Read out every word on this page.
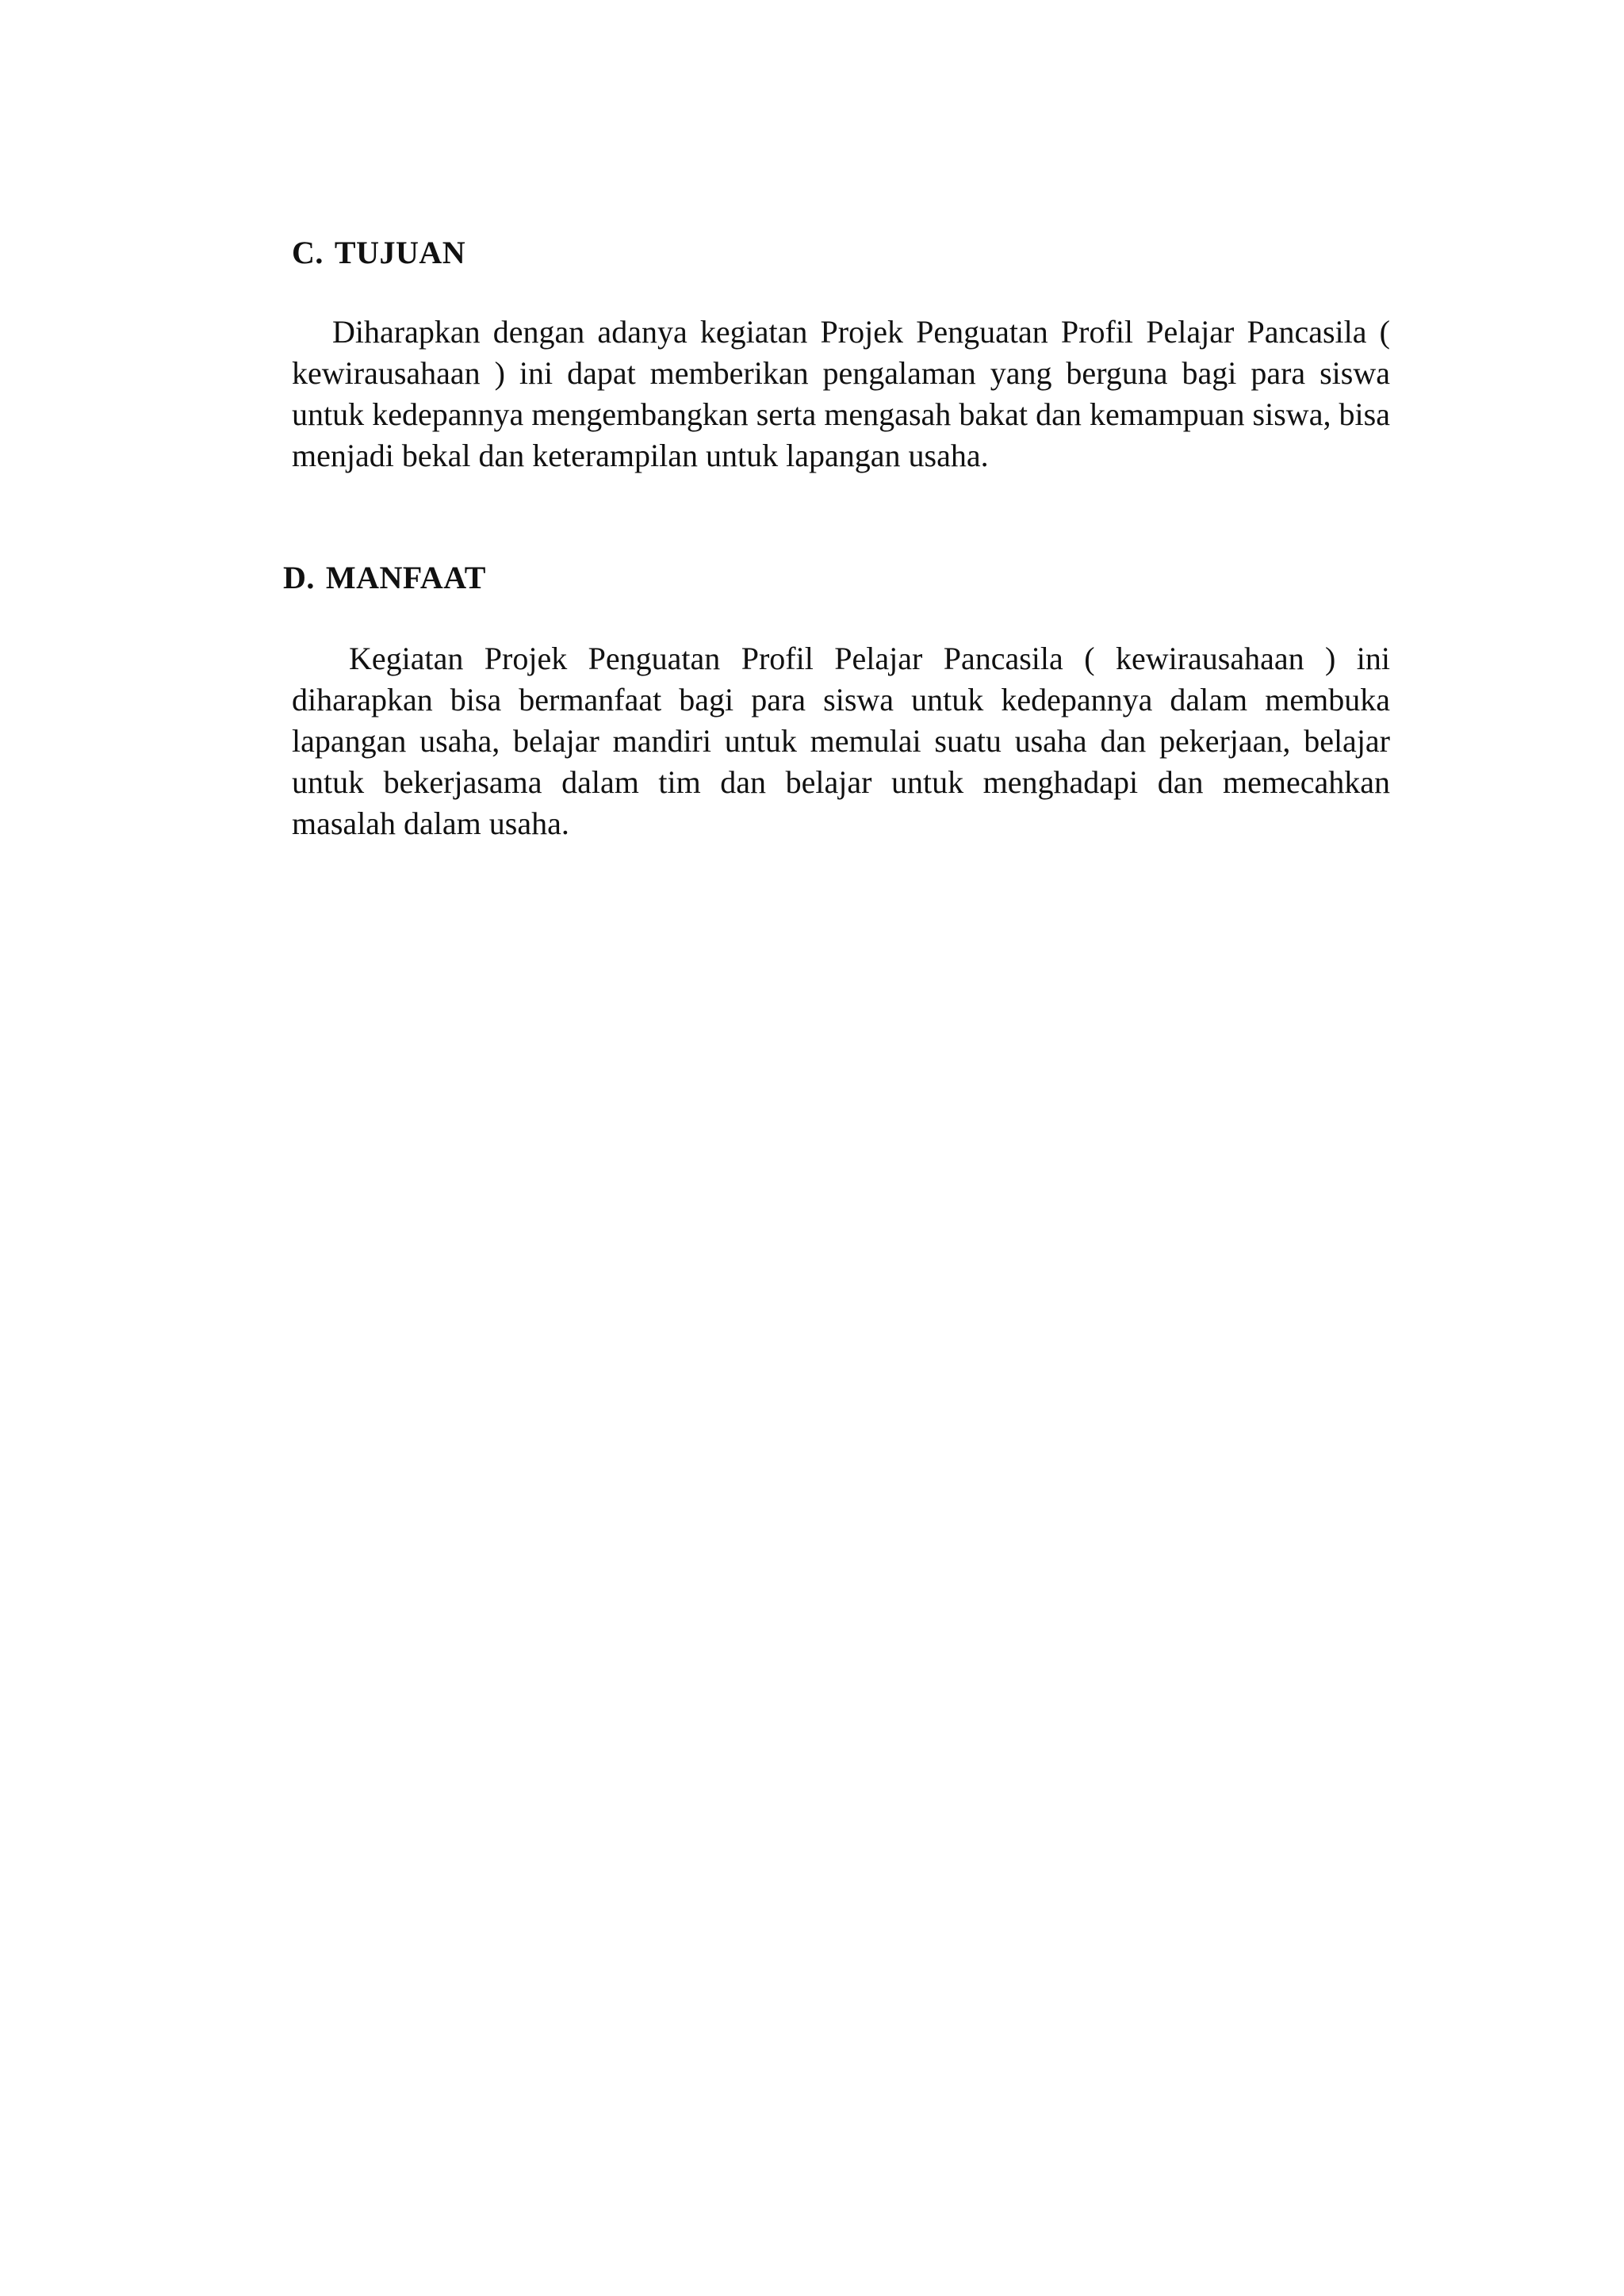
C. TUJUAN

Diharapkan dengan adanya kegiatan Projek Penguatan Profil Pelajar Pancasila ( kewirausahaan ) ini dapat memberikan pengalaman yang berguna bagi para siswa untuk kedepannya mengembangkan serta mengasah bakat dan kemampuan siswa, bisa menjadi bekal dan keterampilan untuk lapangan usaha.

D. MANFAAT

Kegiatan Projek Penguatan Profil Pelajar Pancasila ( kewirausahaan ) ini diharapkan bisa bermanfaat bagi para siswa untuk kedepannya dalam membuka lapangan usaha, belajar mandiri untuk memulai suatu usaha dan pekerjaan, belajar untuk bekerjasama dalam tim dan belajar untuk menghadapi dan memecahkan masalah dalam usaha.
